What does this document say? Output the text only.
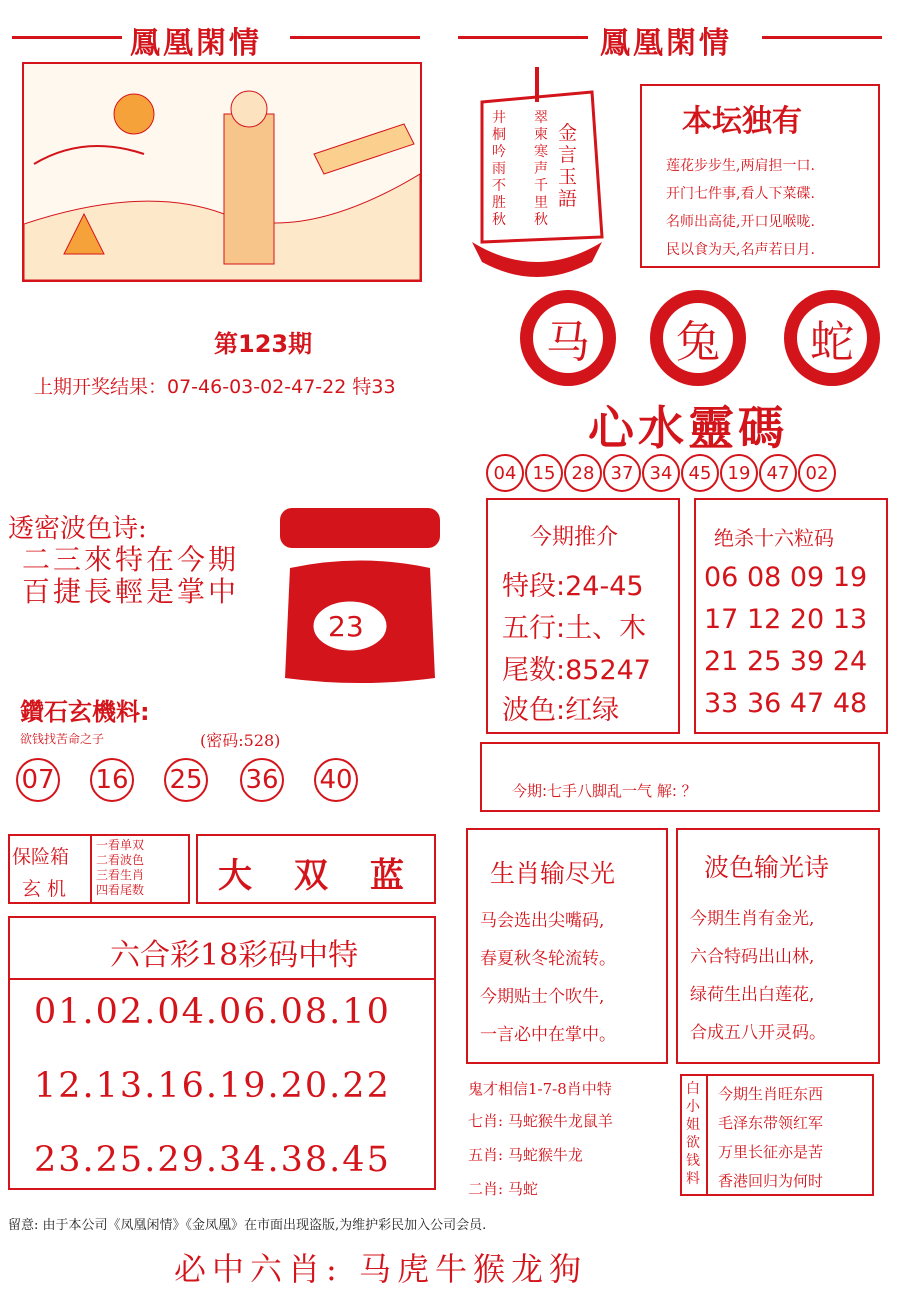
鳳凰閑情	鳳凰閑情
井桐吟雨不胜秋
翠柬寒声千里秋
金言玉語
本坛独有

莲花步步生,两肩担一口.

开门七件事,看人下菜碟.

名师出高徒,开口见喉咙.

民以食为天,名声若日月.

第123期
上期开奖结果：07-46-03-02-47-22 特33
马 兔 蛇
心水靈碼
04 15 28 37 34 45 19 47 02
透密波色诗:
二三來特在今期
百捷長輕是掌中
23
鑽石玄機料:
欲钱找苦命之子	(密码:528)
07 16 25 36 40
今期推介
特段:24-45
五行:土、木
尾数:85247
波色:红绿
绝杀十六粒码
06 08 09 19
17 12 20 13
21 25 39 24
33 36 47 48
今期:七手八脚乱一气 解: ？
保险箱
玄 机
一看单双
二看波色
三看生肖
四看尾数 大 双 蓝
六合彩18彩码中特
01.02.04.06.08.10
12.13.16.19.20.22
23.25.29.34.38.45
生肖输尽光

马会选出尖嘴码,

春夏秋冬轮流转。

今期贴士个吹牛,

一言必中在掌中。

波色输光诗

今期生肖有金光,

六合特码出山林,

绿荷生出白莲花,

合成五八开灵码。

鬼才相信1-7-8肖中特
七肖: 马蛇猴牛龙鼠羊
五肖: 马蛇猴牛龙
二肖: 马蛇
白小姐欲钱料
今期生肖旺东西
毛泽东带领红军
万里长征亦是苦
香港回归为何时
留意: 由于本公司《凤凰闲情》《金凤凰》在市面出现盗版,为维护彩民加入公司会员.
必中六肖: 马虎牛猴龙狗
